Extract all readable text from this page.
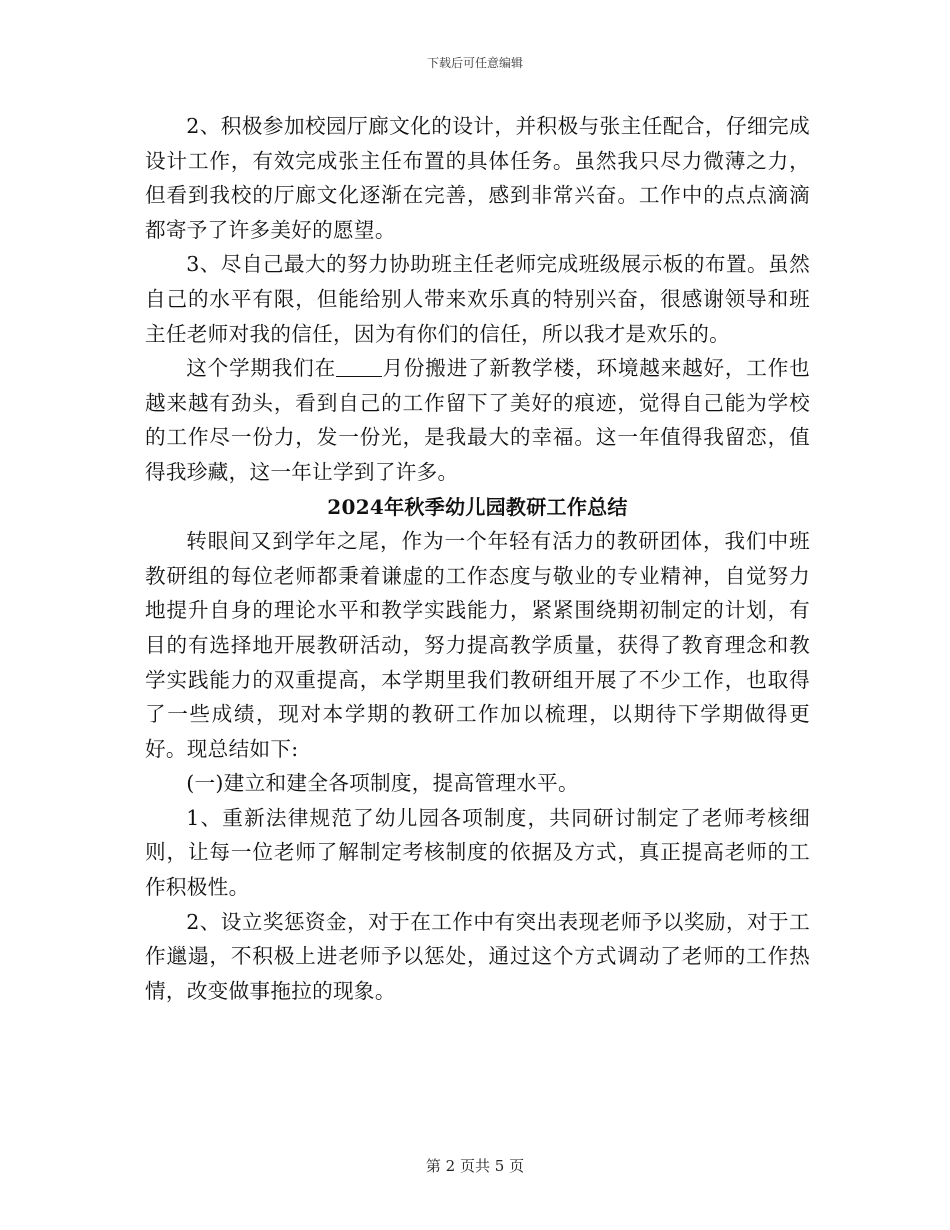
下载后可任意编辑

2、积极参加校园厅廊文化的设计，并积极与张主任配合，仔细完成设计工作，有效完成张主任布置的具体任务。虽然我只尽力微薄之力，但看到我校的厅廊文化逐渐在完善，感到非常兴奋。工作中的点点滴滴都寄予了许多美好的愿望。

3、尽自己最大的努力协助班主任老师完成班级展示板的布置。虽然自己的水平有限，但能给别人带来欢乐真的特别兴奋，很感谢领导和班主任老师对我的信任，因为有你们的信任，所以我才是欢乐的。

这个学期我们在 月份搬进了新教学楼，环境越来越好，工作也越来越有劲头，看到自己的工作留下了美好的痕迹，觉得自己能为学校的工作尽一份力，发一份光，是我最大的幸福。这一年值得我留恋，值得我珍藏，这一年让学到了许多。

2024年秋季幼儿园教研工作总结

转眼间又到学年之尾，作为一个年轻有活力的教研团体，我们中班教研组的每位老师都秉着谦虚的工作态度与敬业的专业精神，自觉努力地提升自身的理论水平和教学实践能力，紧紧围绕期初制定的计划，有目的有选择地开展教研活动，努力提高教学质量，获得了教育理念和教学实践能力的双重提高，本学期里我们教研组开展了不少工作，也取得了一些成绩，现对本学期的教研工作加以梳理，以期待下学期做得更好。现总结如下:

(一)建立和建全各项制度，提高管理水平。

1、重新法律规范了幼儿园各项制度，共同研讨制定了老师考核细则，让每一位老师了解制定考核制度的依据及方式，真正提高老师的工作积极性。

2、设立奖惩资金，对于在工作中有突出表现老师予以奖励，对于工作邋遢，不积极上进老师予以惩处，通过这个方式调动了老师的工作热情，改变做事拖拉的现象。

第 2 页共 5 页
